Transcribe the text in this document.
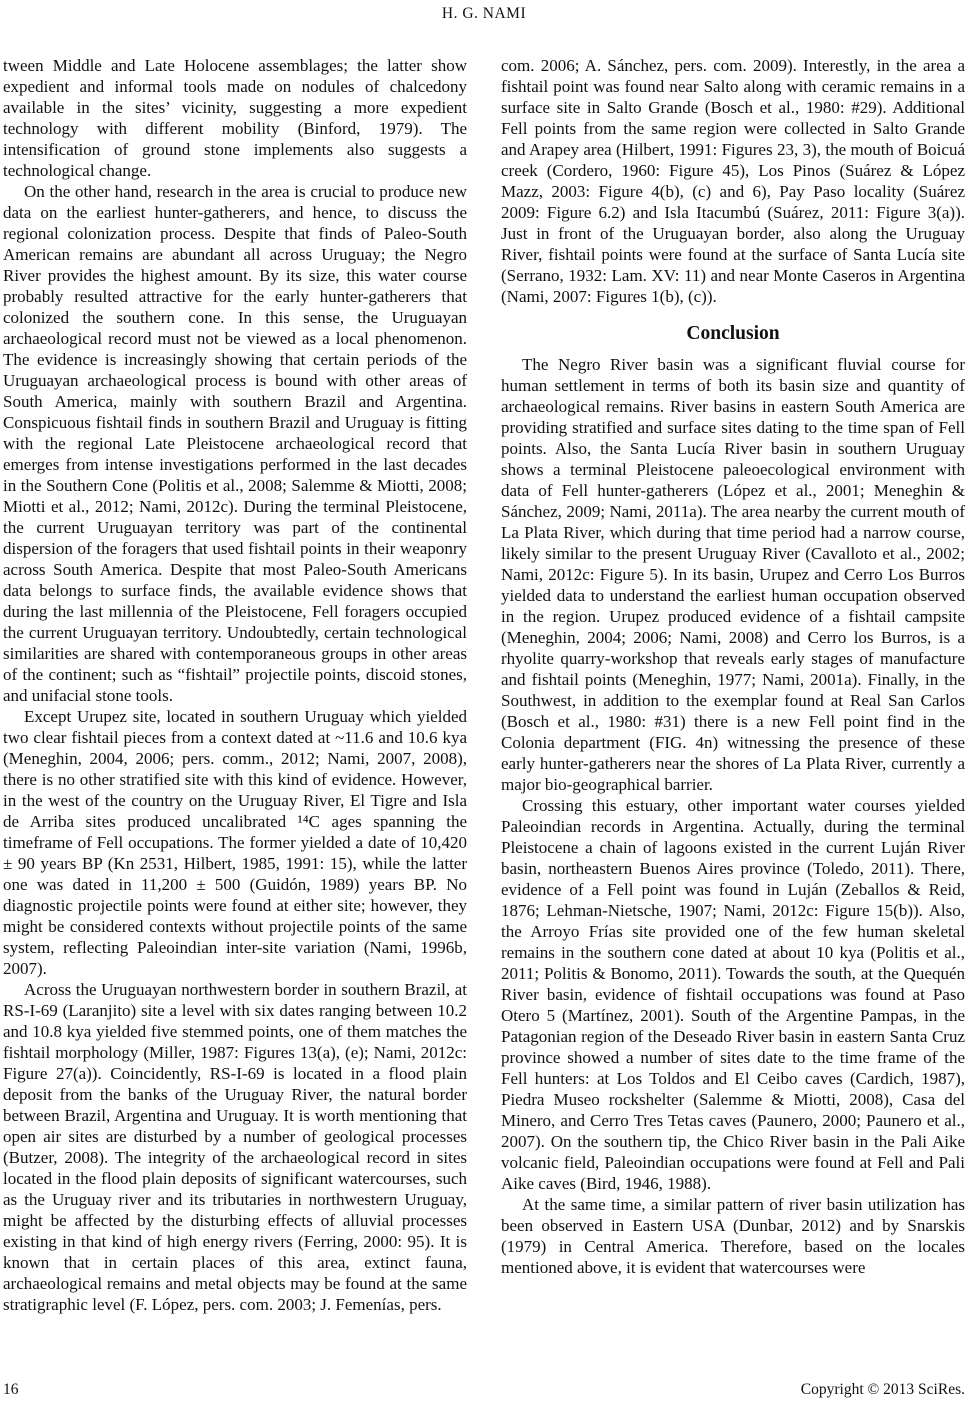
H. G. NAMI

tween Middle and Late Holocene assemblages; the latter show expedient and informal tools made on nodules of chalcedony available in the sites’ vicinity, suggesting a more expedient technology with different mobility (Binford, 1979). The intensification of ground stone implements also suggests a technological change.

On the other hand, research in the area is crucial to produce new data on the earliest hunter-gatherers, and hence, to discuss the regional colonization process. Despite that finds of Paleo-South American remains are abundant all across Uruguay; the Negro River provides the highest amount. By its size, this water course probably resulted attractive for the early hunter-gatherers that colonized the southern cone. In this sense, the Uruguayan archaeological record must not be viewed as a local phenomenon. The evidence is increasingly showing that certain periods of the Uruguayan archaeological process is bound with other areas of South America, mainly with southern Brazil and Argentina. Conspicuous fishtail finds in southern Brazil and Uruguay is fitting with the regional Late Pleistocene archaeological record that emerges from intense investigations performed in the last decades in the Southern Cone (Politis et al., 2008; Salemme & Miotti, 2008; Miotti et al., 2012; Nami, 2012c). During the terminal Pleistocene, the current Uruguayan territory was part of the continental dispersion of the foragers that used fishtail points in their weaponry across South America. Despite that most Paleo-South Americans data belongs to surface finds, the available evidence shows that during the last millennia of the Pleistocene, Fell foragers occupied the current Uruguayan territory. Undoubtedly, certain technological similarities are shared with contemporaneous groups in other areas of the continent; such as “fishtail” projectile points, discoid stones, and unifacial stone tools.

Except Urupez site, located in southern Uruguay which yielded two clear fishtail pieces from a context dated at ~11.6 and 10.6 kya (Meneghin, 2004, 2006; pers. comm., 2012; Nami, 2007, 2008), there is no other stratified site with this kind of evidence. However, in the west of the country on the Uruguay River, El Tigre and Isla de Arriba sites produced uncalibrated ¹⁴C ages spanning the timeframe of Fell occupations. The former yielded a date of 10,420 ± 90 years BP (Kn 2531, Hilbert, 1985, 1991: 15), while the latter one was dated in 11,200 ± 500 (Guidón, 1989) years BP. No diagnostic projectile points were found at either site; however, they might be considered contexts without projectile points of the same system, reflecting Paleoindian inter-site variation (Nami, 1996b, 2007).

Across the Uruguayan northwestern border in southern Brazil, at RS-I-69 (Laranjito) site a level with six dates ranging between 10.2 and 10.8 kya yielded five stemmed points, one of them matches the fishtail morphology (Miller, 1987: Figures 13(a), (e); Nami, 2012c: Figure 27(a)). Coincidently, RS-I-69 is located in a flood plain deposit from the banks of the Uruguay River, the natural border between Brazil, Argentina and Uruguay. It is worth mentioning that open air sites are disturbed by a number of geological processes (Butzer, 2008). The integrity of the archaeological record in sites located in the flood plain deposits of significant watercourses, such as the Uruguay river and its tributaries in northwestern Uruguay, might be affected by the disturbing effects of alluvial processes existing in that kind of high energy rivers (Ferring, 2000: 95). It is known that in certain places of this area, extinct fauna, archaeological remains and metal objects may be found at the same stratigraphic level (F. López, pers. com. 2003; J. Femenías, pers.

com. 2006; A. Sánchez, pers. com. 2009). Interestly, in the area a fishtail point was found near Salto along with ceramic remains in a surface site in Salto Grande (Bosch et al., 1980: #29). Additional Fell points from the same region were collected in Salto Grande and Arapey area (Hilbert, 1991: Figures 23, 3), the mouth of Boicuá creek (Cordero, 1960: Figure 45), Los Pinos (Suárez & López Mazz, 2003: Figure 4(b), (c) and 6), Pay Paso locality (Suárez 2009: Figure 6.2) and Isla Itacumbú (Suárez, 2011: Figure 3(a)). Just in front of the Uruguayan border, also along the Uruguay River, fishtail points were found at the surface of Santa Lucía site (Serrano, 1932: Lam. XV: 11) and near Monte Caseros in Argentina (Nami, 2007: Figures 1(b), (c)).

Conclusion

The Negro River basin was a significant fluvial course for human settlement in terms of both its basin size and quantity of archaeological remains. River basins in eastern South America are providing stratified and surface sites dating to the time span of Fell points. Also, the Santa Lucía River basin in southern Uruguay shows a terminal Pleistocene paleoecological environment with data of Fell hunter-gatherers (López et al., 2001; Meneghin & Sánchez, 2009; Nami, 2011a). The area nearby the current mouth of La Plata River, which during that time period had a narrow course, likely similar to the present Uruguay River (Cavalloto et al., 2002; Nami, 2012c: Figure 5). In its basin, Urupez and Cerro Los Burros yielded data to understand the earliest human occupation observed in the region. Urupez produced evidence of a fishtail campsite (Meneghin, 2004; 2006; Nami, 2008) and Cerro los Burros, is a rhyolite quarry-workshop that reveals early stages of manufacture and fishtail points (Meneghin, 1977; Nami, 2001a). Finally, in the Southwest, in addition to the exemplar found at Real San Carlos (Bosch et al., 1980: #31) there is a new Fell point find in the Colonia department (FIG. 4n) witnessing the presence of these early hunter-gatherers near the shores of La Plata River, currently a major bio-geographical barrier.

Crossing this estuary, other important water courses yielded Paleoindian records in Argentina. Actually, during the terminal Pleistocene a chain of lagoons existed in the current Luján River basin, northeastern Buenos Aires province (Toledo, 2011). There, evidence of a Fell point was found in Luján (Zeballos & Reid, 1876; Lehman-Nietsche, 1907; Nami, 2012c: Figure 15(b)). Also, the Arroyo Frías site provided one of the few human skeletal remains in the southern cone dated at about 10 kya (Politis et al., 2011; Politis & Bonomo, 2011). Towards the south, at the Quequén River basin, evidence of fishtail occupations was found at Paso Otero 5 (Martínez, 2001). South of the Argentine Pampas, in the Patagonian region of the Deseado River basin in eastern Santa Cruz province showed a number of sites date to the time frame of the Fell hunters: at Los Toldos and El Ceibo caves (Cardich, 1987), Piedra Museo rockshelter (Salemme & Miotti, 2008), Casa del Minero, and Cerro Tres Tetas caves (Paunero, 2000; Paunero et al., 2007). On the southern tip, the Chico River basin in the Pali Aike volcanic field, Paleoindian occupations were found at Fell and Pali Aike caves (Bird, 1946, 1988).

At the same time, a similar pattern of river basin utilization has been observed in Eastern USA (Dunbar, 2012) and by Snarskis (1979) in Central America. Therefore, based on the locales mentioned above, it is evident that watercourses were

16	Copyright © 2013 SciRes.
